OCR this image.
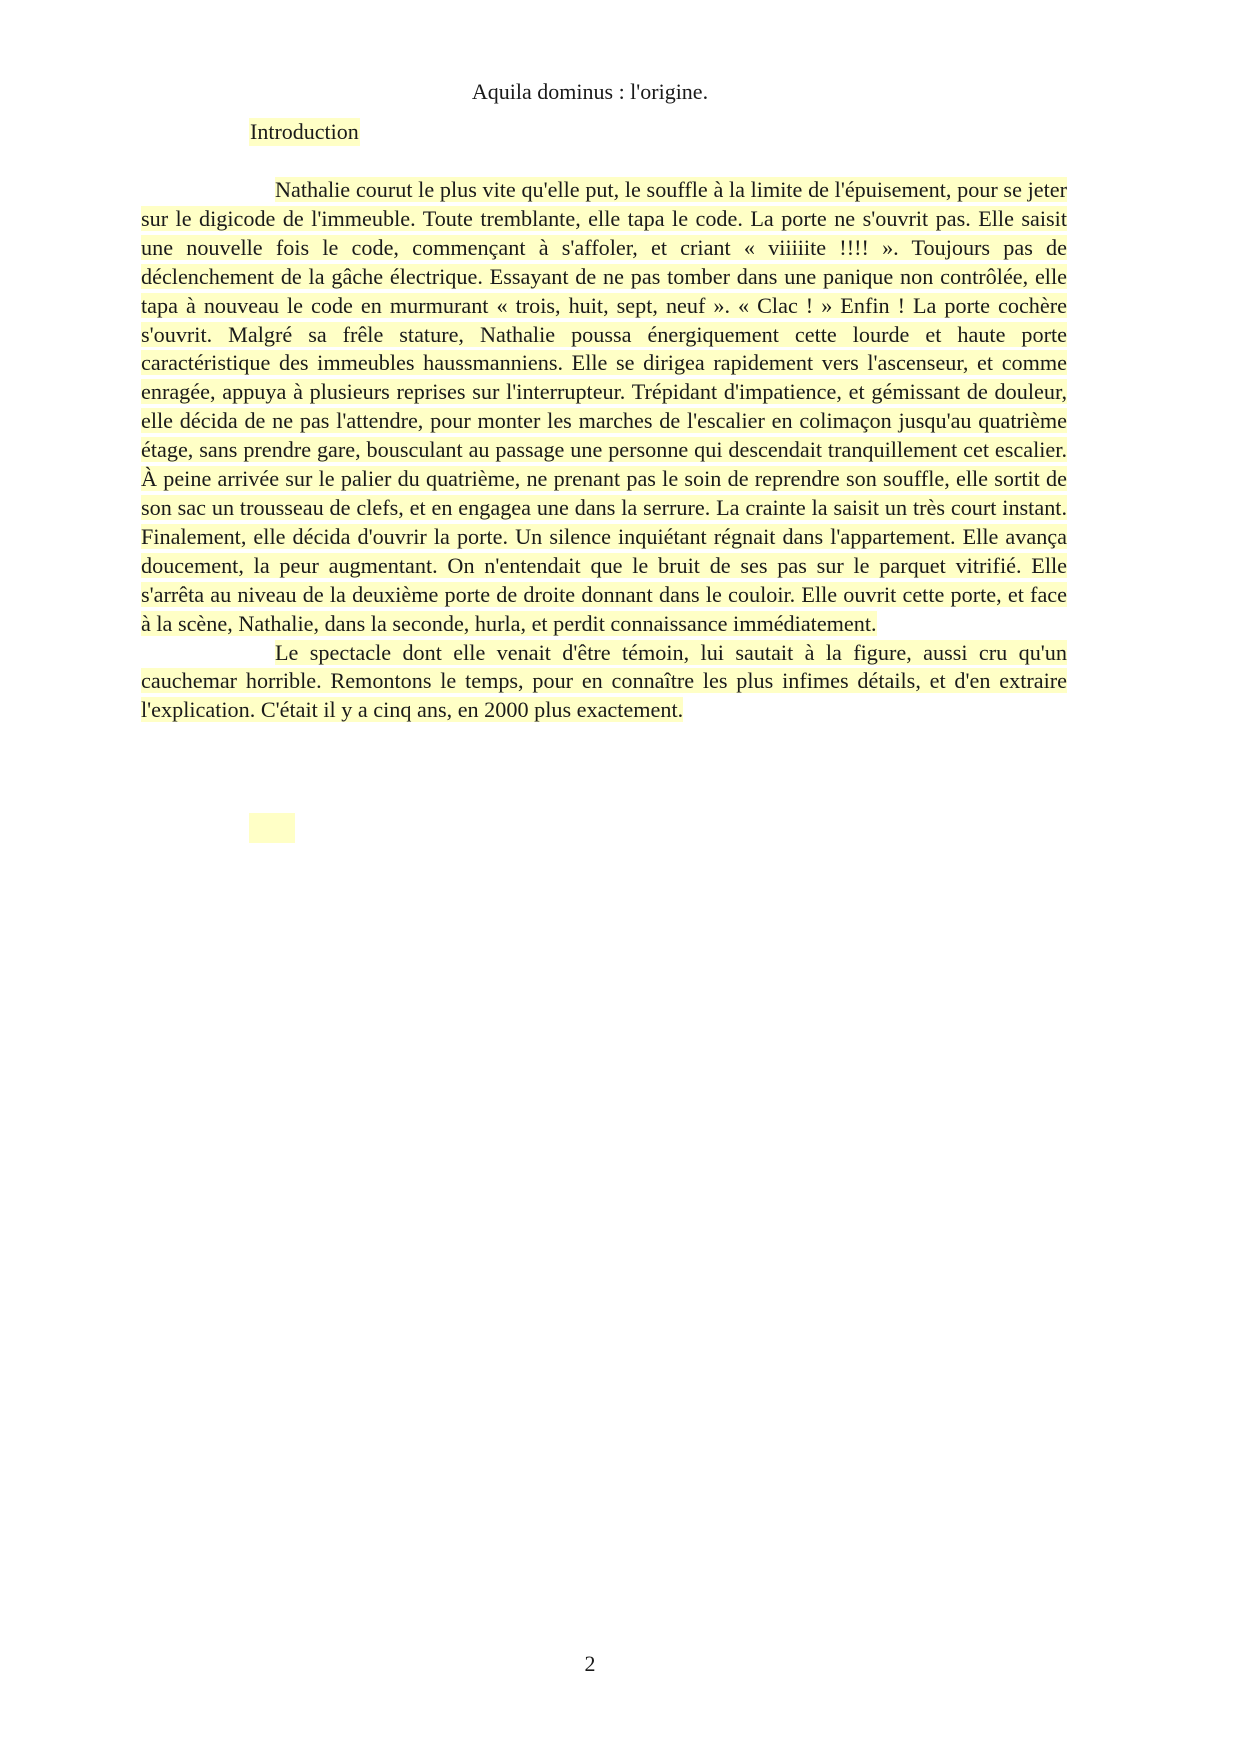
Aquila dominus : l'origine.
Introduction

Nathalie courut le plus vite qu'elle put, le souffle à la limite de l'épuisement, pour se jeter sur le digicode de l'immeuble. Toute tremblante, elle tapa le code. La porte ne s'ouvrit pas. Elle saisit une nouvelle fois le code, commençant à s'affoler, et criant « viiiiite !!!! ». Toujours pas de déclenchement de la gâche électrique. Essayant de ne pas tomber dans une panique non contrôlée, elle tapa à nouveau le code en murmurant « trois, huit, sept, neuf ». « Clac ! » Enfin ! La porte cochère s'ouvrit. Malgré sa frêle stature, Nathalie poussa énergiquement cette lourde et haute porte caractéristique des immeubles haussmanniens. Elle se dirigea rapidement vers l'ascenseur, et comme enragée, appuya à plusieurs reprises sur l'interrupteur. Trépidant d'impatience, et gémissant de douleur, elle décida de ne pas l'attendre, pour monter les marches de l'escalier en colimaçon jusqu'au quatrième étage, sans prendre gare, bousculant au passage une personne qui descendait tranquillement cet escalier. À peine arrivée sur le palier du quatrième, ne prenant pas le soin de reprendre son souffle, elle sortit de son sac un trousseau de clefs, et en engagea une dans la serrure. La crainte la saisit un très court instant. Finalement, elle décida d'ouvrir la porte. Un silence inquiétant régnait dans l'appartement. Elle avança doucement, la peur augmentant. On n'entendait que le bruit de ses pas sur le parquet vitrifié. Elle s'arrêta au niveau de la deuxième porte de droite donnant dans le couloir. Elle ouvrit cette porte, et face à la scène, Nathalie, dans la seconde, hurla, et perdit connaissance immédiatement.

Le spectacle dont elle venait d'être témoin, lui sautait à la figure, aussi cru qu'un cauchemar horrible. Remontons le temps, pour en connaître les plus infimes détails, et d'en extraire l'explication. C'était il y a cinq ans, en 2000 plus exactement.

2
